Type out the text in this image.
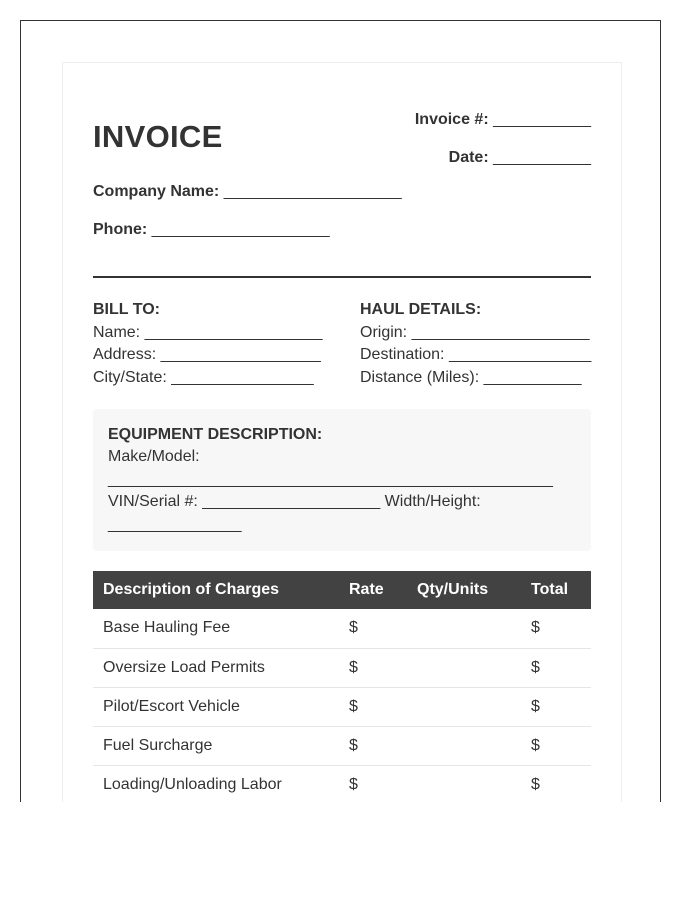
INVOICE	Invoice #: ___________
Date: ___________
Company Name: ____________________
Phone: ____________________
BILL TO:
Name: ____________________
Address: __________________
City/State: ________________
HAUL DETAILS:
Origin: ____________________
Destination: ________________
Distance (Miles): ___________
EQUIPMENT DESCRIPTION:
Make/Model:
__________________________________________________
VIN/Serial #: ____________________ Width/Height:
_______________
Description of Charges	Rate	Qty/Units	Total
Base Hauling Fee	$		$
Oversize Load Permits	$		$
Pilot/Escort Vehicle	$		$
Fuel Surcharge	$		$
Loading/Unloading Labor	$		$
